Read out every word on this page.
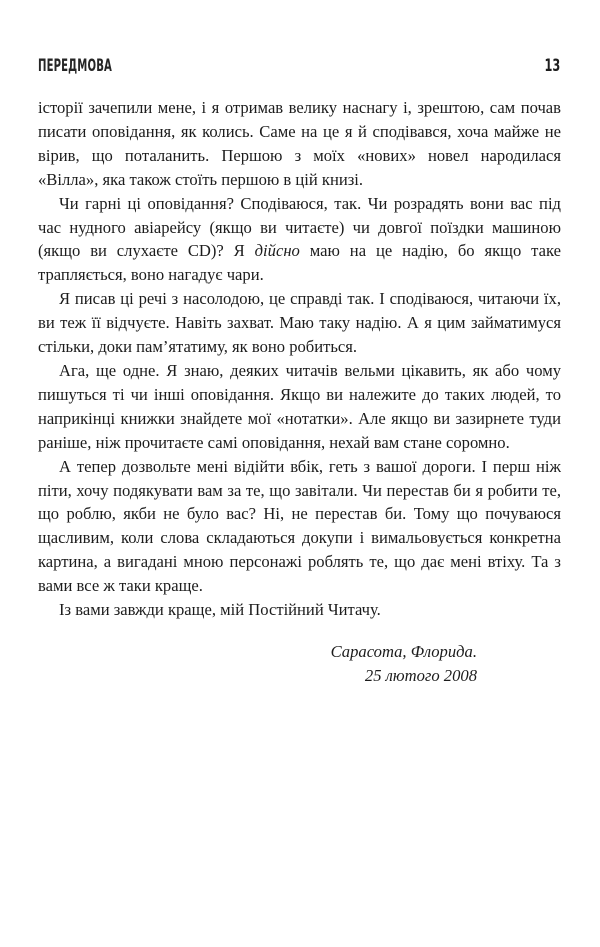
ПЕРЕДМОВА	13

історії зачепили мене, і я отримав велику наснагу і, зрештою, сам почав писати оповідання, як колись. Саме на це я й сподівався, хоча майже не вірив, що поталанить. Першою з моїх «нових» новел народилася «Вілла», яка також стоїть першою в цій книзі.

Чи гарні ці оповідання? Сподіваюся, так. Чи розрадять вони вас під час нудного авіарейсу (якщо ви читаєте) чи довгої поїздки машиною (якщо ви слухаєте CD)? Я дійсно маю на це надію, бо якщо таке трапляється, воно нагадує чари.

Я писав ці речі з насолодою, це справді так. І сподіваюся, читаючи їх, ви теж її відчуєте. Навіть захват. Маю таку надію. А я цим займатимуся стільки, доки пам’ятатиму, як воно робиться.

Ага, ще одне. Я знаю, деяких читачів вельми цікавить, як або чому пишуться ті чи інші оповідання. Якщо ви належите до таких людей, то наприкінці книжки знайдете мої «нотатки». Але якщо ви зазирнете туди раніше, ніж прочитаєте самі оповідання, нехай вам стане соромно.

А тепер дозвольте мені відійти вбік, геть з вашої дороги. І перш ніж піти, хочу подякувати вам за те, що завітали. Чи перестав би я робити те, що роблю, якби не було вас? Ні, не перестав би. Тому що почуваюся щасливим, коли слова складаються докупи і вимальовується конкретна картина, а вигадані мною персонажі роблять те, що дає мені втіху. Та з вами все ж таки краще.

Із вами завжди краще, мій Постійний Читачу.

Сарасота, Флорида.
25 лютого 2008
